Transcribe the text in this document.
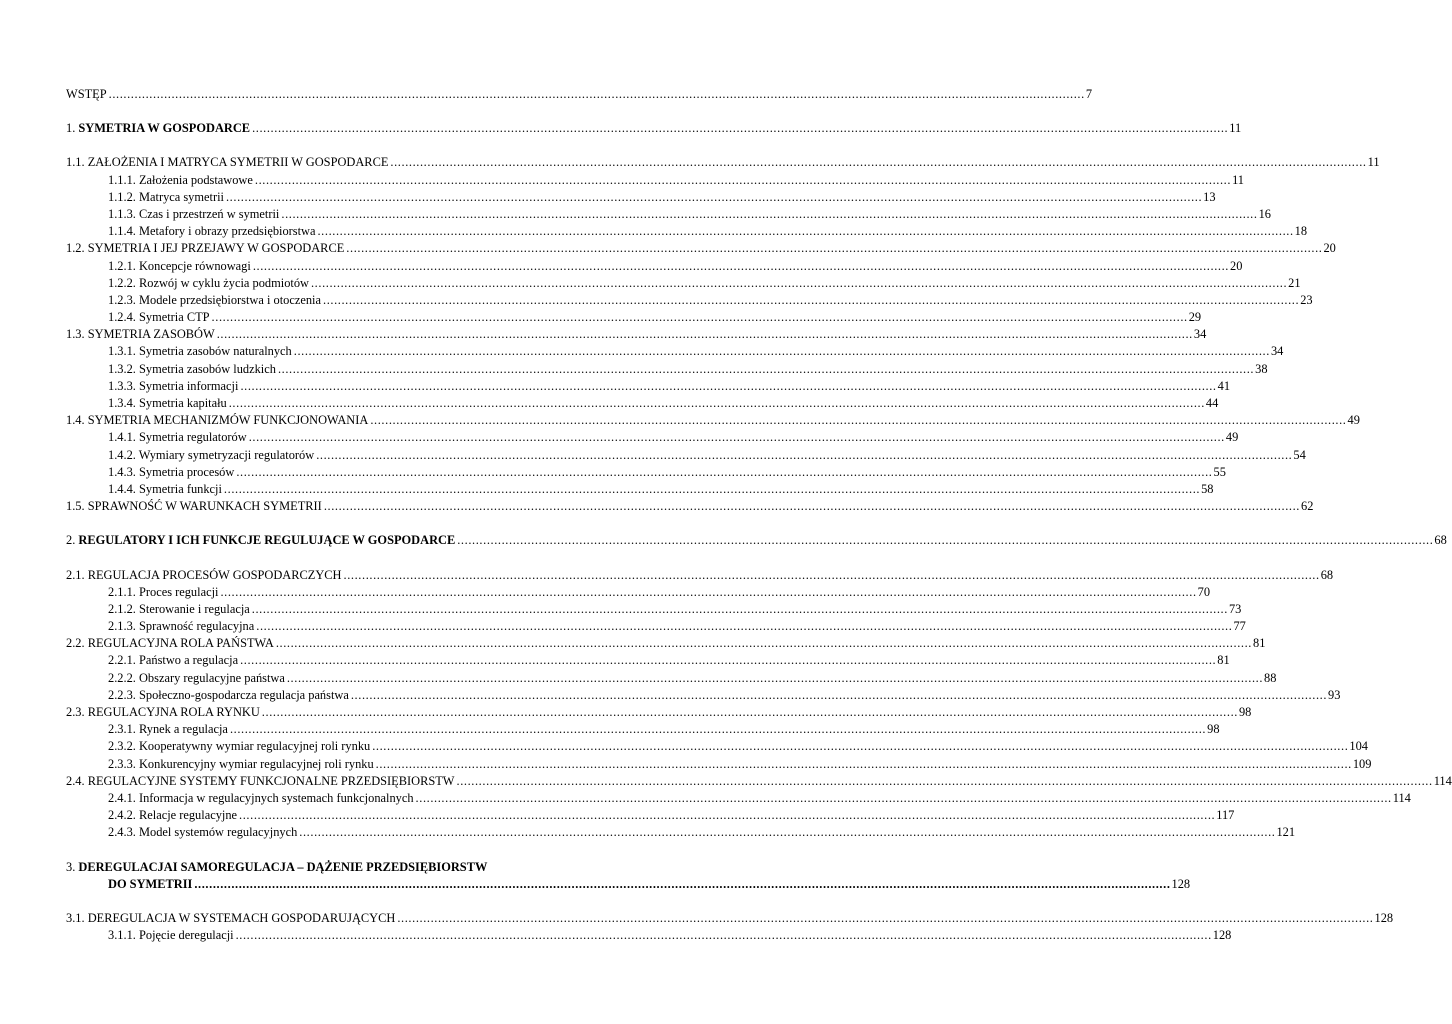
WSTĘP .....	7
1. SYMETRIA W GOSPODARCE .....	11
1.1. ZAŁOŻENIA I MATRYCA SYMETRII W GOSPODARCE .....	11
1.1.1. Założenia podstawowe .....	11
1.1.2. Matryca symetrii .....	13
1.1.3. Czas i przestrzeń w symetrii .....	16
1.1.4. Metafory i obrazy przedsiębiorstwa .....	18
1.2. SYMETRIA I JEJ PRZEJAWY W GOSPODARCE .....	20
1.2.1. Koncepcje równowagi .....	20
1.2.2. Rozwój w cyklu życia podmiotów .....	21
1.2.3. Modele przedsiębiorstwa i otoczenia .....	23
1.2.4. Symetria CTP .....	29
1.3. SYMETRIA ZASOBÓW .....	34
1.3.1. Symetria zasobów naturalnych .....	34
1.3.2. Symetria zasobów ludzkich .....	38
1.3.3. Symetria informacji .....	41
1.3.4. Symetria kapitału .....	44
1.4. SYMETRIA MECHANIZMÓW FUNKCJONOWANIA .....	49
1.4.1. Symetria regulatorów .....	49
1.4.2. Wymiary symetryzacji regulatorów .....	54
1.4.3. Symetria procesów .....	55
1.4.4. Symetria funkcji .....	58
1.5. SPRAWNOŚĆ W WARUNKACH SYMETRII .....	62
2. REGULATORY I ICH FUNKCJE REGULUJĄCE W GOSPODARCE .....	68
2.1. REGULACJA PROCESÓW GOSPODARCZYCH .....	68
2.1.1. Proces regulacji .....	70
2.1.2. Sterowanie i regulacja .....	73
2.1.3. Sprawność regulacyjna .....	77
2.2. REGULACYJNA ROLA PAŃSTWA .....	81
2.2.1. Państwo a regulacja .....	81
2.2.2. Obszary regulacyjne państwa .....	88
2.2.3. Społeczno-gospodarcza regulacja państwa .....	93
2.3. REGULACYJNA ROLA RYNKU .....	98
2.3.1. Rynek a regulacja .....	98
2.3.2. Kooperatywny wymiar regulacyjnej roli rynku .....	104
2.3.3. Konkurencyjny wymiar regulacyjnej roli rynku .....	109
2.4. REGULACYJNE SYSTEMY FUNKCJONALNE PRZEDSIĘBIORSTW .....	114
2.4.1. Informacja w regulacyjnych systemach funkcjonalnych .....	114
2.4.2. Relacje regulacyjne .....	117
2.4.3. Model systemów regulacyjnych .....	121
3. DEREGULACJAI SAMOREGULACJA – DĄŻENIE PRZEDSIĘBIORSTW
DO SYMETRII .....	128
3.1. DEREGULACJA W SYSTEMACH GOSPODARUJĄCYCH .....	128
3.1.1. Pojęcie deregulacji .....	128
